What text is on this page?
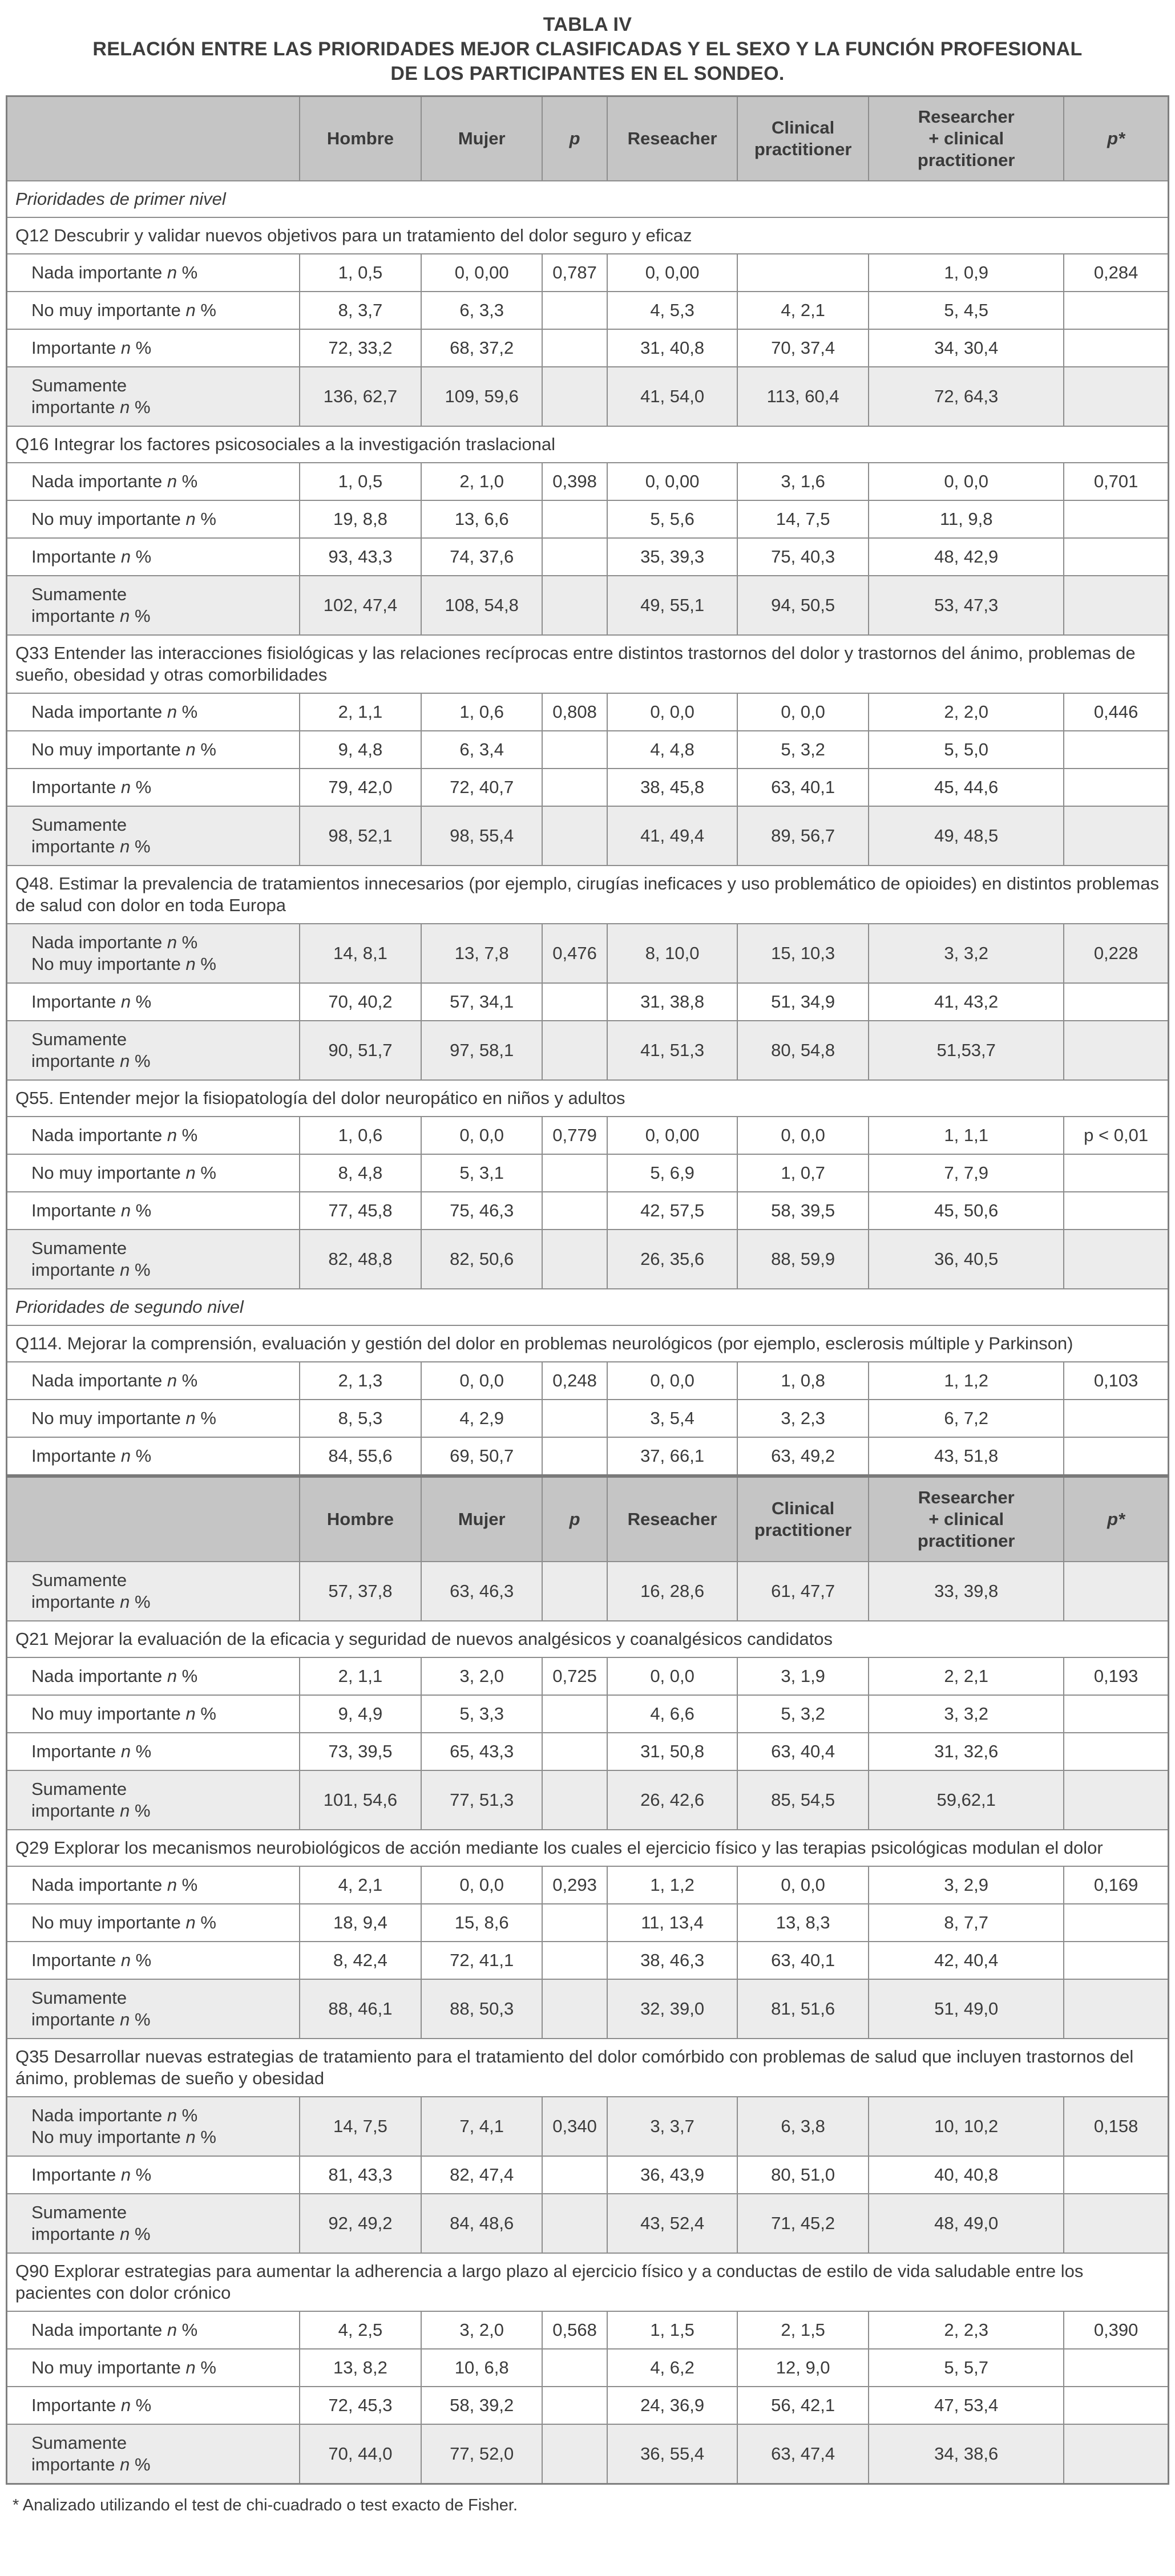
TABLA IV
RELACIÓN ENTRE LAS PRIORIDADES MEJOR CLASIFICADAS Y EL SEXO Y LA FUNCIÓN PROFESIONAL
DE LOS PARTICIPANTES EN EL SONDEO.
	Hombre	Mujer	p	Reseacher	Clinical
practitioner	Researcher
+ clinical
practitioner	p*
Prioridades de primer nivel							
Q12 Descubrir y validar nuevos objetivos para un tratamiento del dolor seguro y eficaz							
Nada importante n %	1, 0,5	0, 0,00	0,787	0, 0,00		1, 0,9	0,284
No muy importante n %	8, 3,7	6, 3,3		4, 5,3	4, 2,1	5, 4,5	
Importante n %	72, 33,2	68, 37,2		31, 40,8	70, 37,4	34, 30,4	
Sumamente
importante n %	136, 62,7	109, 59,6		41, 54,0	113, 60,4	72, 64,3	
Q16 Integrar los factores psicosociales a la investigación traslacional							
Nada importante n %	1, 0,5	2, 1,0	0,398	0, 0,00	3, 1,6	0, 0,0	0,701
No muy importante n %	19, 8,8	13, 6,6		5, 5,6	14, 7,5	11, 9,8	
Importante n %	93, 43,3	74, 37,6		35, 39,3	75, 40,3	48, 42,9	
Sumamente
importante n %	102, 47,4	108, 54,8		49, 55,1	94, 50,5	53, 47,3	
Q33 Entender las interacciones fisiológicas y las relaciones recíprocas entre distintos trastornos del dolor y trastornos del ánimo, problemas de sueño, obesidad y otras comorbilidades							
Nada importante n %	2, 1,1	1, 0,6	0,808	0, 0,0	0, 0,0	2, 2,0	0,446
No muy importante n %	9, 4,8	6, 3,4		4, 4,8	5, 3,2	5, 5,0	
Importante n %	79, 42,0	72, 40,7		38, 45,8	63, 40,1	45, 44,6	
Sumamente
importante n %	98, 52,1	98, 55,4		41, 49,4	89, 56,7	49, 48,5	
Q48. Estimar la prevalencia de tratamientos innecesarios (por ejemplo, cirugías ineficaces y uso problemático de opioides) en distintos problemas de salud con dolor en toda Europa							
Nada importante n %
No muy importante n %	14, 8,1	13, 7,8	0,476	8, 10,0	15, 10,3	3, 3,2	0,228
Importante n %	70, 40,2	57, 34,1		31, 38,8	51, 34,9	41, 43,2	
Sumamente
importante n %	90, 51,7	97, 58,1		41, 51,3	80, 54,8	51,53,7	
Q55. Entender mejor la fisiopatología del dolor neuropático en niños y adultos							
Nada importante n %	1, 0,6	0, 0,0	0,779	0, 0,00	0, 0,0	1, 1,1	p < 0,01
No muy importante n %	8, 4,8	5, 3,1		5, 6,9	1, 0,7	7, 7,9	
Importante n %	77, 45,8	75, 46,3		42, 57,5	58, 39,5	45, 50,6	
Sumamente
importante n %	82, 48,8	82, 50,6		26, 35,6	88, 59,9	36, 40,5	
Prioridades de segundo nivel							
Q114. Mejorar la comprensión, evaluación y gestión del dolor en problemas neurológicos (por ejemplo, esclerosis múltiple y Parkinson)							
Nada importante n %	2, 1,3	0, 0,0	0,248	0, 0,0	1, 0,8	1, 1,2	0,103
No muy importante n %	8, 5,3	4, 2,9		3, 5,4	3, 2,3	6, 7,2	
Importante n %	84, 55,6	69, 50,7		37, 66,1	63, 49,2	43, 51,8	
	Hombre	Mujer	p	Reseacher	Clinical
practitioner	Researcher
+ clinical
practitioner	p*
Sumamente
importante n %	57, 37,8	63, 46,3		16, 28,6	61, 47,7	33, 39,8	
Q21 Mejorar la evaluación de la eficacia y seguridad de nuevos analgésicos y coanalgésicos candidatos							
Nada importante n %	2, 1,1	3, 2,0	0,725	0, 0,0	3, 1,9	2, 2,1	0,193
No muy importante n %	9, 4,9	5, 3,3		4, 6,6	5, 3,2	3, 3,2	
Importante n %	73, 39,5	65, 43,3		31, 50,8	63, 40,4	31, 32,6	
Sumamente
importante n %	101, 54,6	77, 51,3		26, 42,6	85, 54,5	59,62,1	
Q29 Explorar los mecanismos neurobiológicos de acción mediante los cuales el ejercicio físico y las terapias psicológicas modulan el dolor							
Nada importante n %	4, 2,1	0, 0,0	0,293	1, 1,2	0, 0,0	3, 2,9	0,169
No muy importante n %	18, 9,4	15, 8,6		11, 13,4	13, 8,3	8, 7,7	
Importante n %	8, 42,4	72, 41,1		38, 46,3	63, 40,1	42, 40,4	
Sumamente
importante n %	88, 46,1	88, 50,3		32, 39,0	81, 51,6	51, 49,0	
Q35 Desarrollar nuevas estrategias de tratamiento para el tratamiento del dolor comórbido con problemas de salud que incluyen trastornos del ánimo, problemas de sueño y obesidad							
Nada importante n %
No muy importante n %	14, 7,5	7, 4,1	0,340	3, 3,7	6, 3,8	10, 10,2	0,158
Importante n %	81, 43,3	82, 47,4		36, 43,9	80, 51,0	40, 40,8	
Sumamente
importante n %	92, 49,2	84, 48,6		43, 52,4	71, 45,2	48, 49,0	
Q90 Explorar estrategias para aumentar la adherencia a largo plazo al ejercicio físico y a conductas de estilo de vida saludable entre los pacientes con dolor crónico							
Nada importante n %	4, 2,5	3, 2,0	0,568	1, 1,5	2, 1,5	2, 2,3	0,390
No muy importante n %	13, 8,2	10, 6,8		4, 6,2	12, 9,0	5, 5,7	
Importante n %	72, 45,3	58, 39,2		24, 36,9	56, 42,1	47, 53,4	
Sumamente
importante n %	70, 44,0	77, 52,0		36, 55,4	63, 47,4	34, 38,6	
* Analizado utilizando el test de chi-cuadrado o test exacto de Fisher.
